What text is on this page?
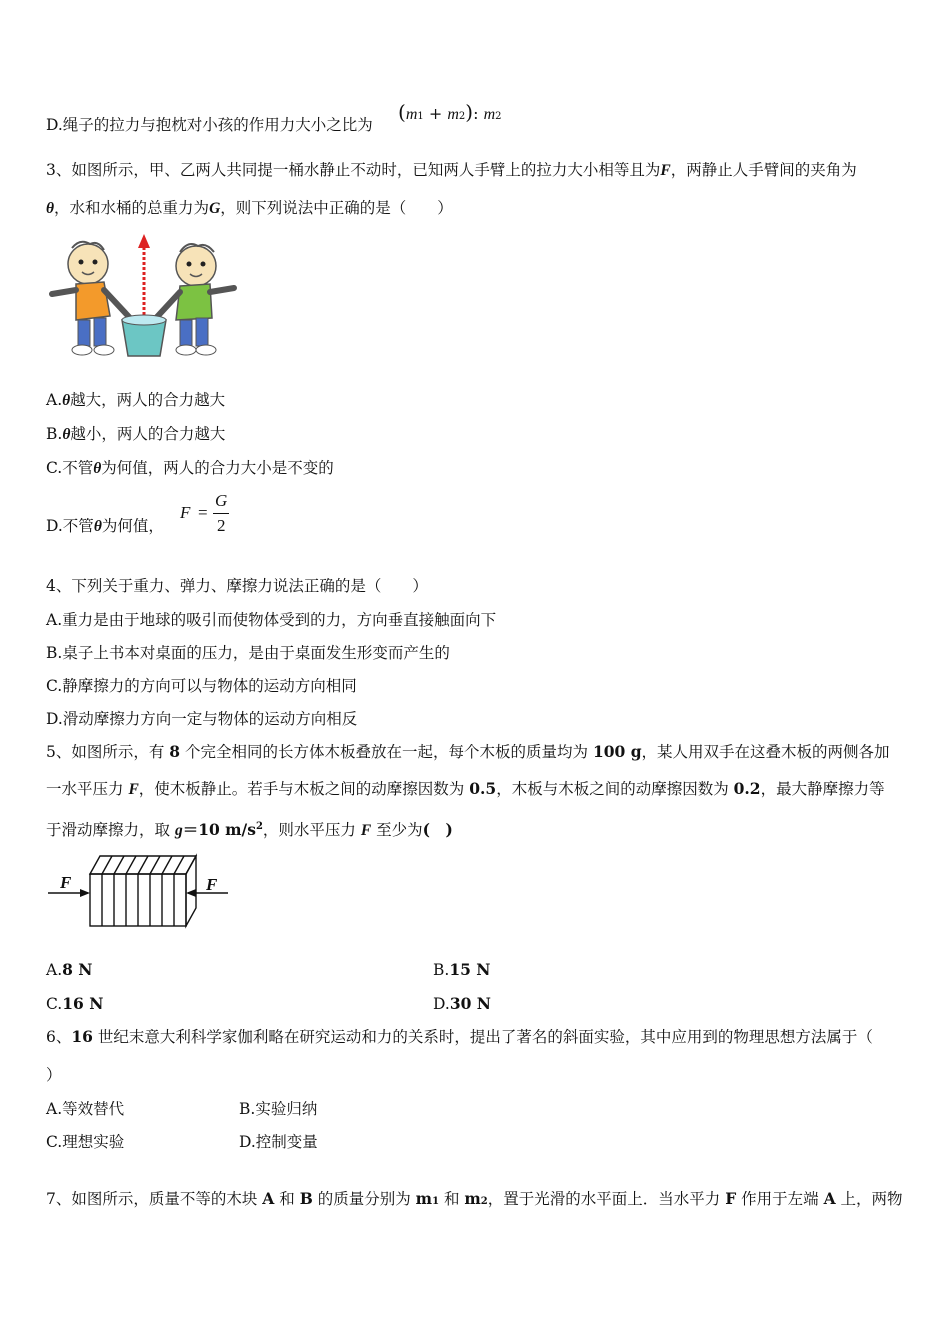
D.绳子的拉力与抱枕对小孩的作用力大小之比为
(m1 + m2): m2
3、如图所示，甲、乙两人共同提一桶水静止不动时，已知两人手臂上的拉力大小相等且为F，两静止人手臂间的夹角为
θ，水和水桶的总重力为G，则下列说法中正确的是（　　）
A.θ越大，两人的合力越大
B.θ越小，两人的合力越大
C.不管θ为何值，两人的合力大小是不变的
D.不管θ为何值，
F =
G
2
4、下列关于重力、弹力、摩擦力说法正确的是（　　）
A.重力是由于地球的吸引而使物体受到的力，方向垂直接触面向下
B.桌子上书本对桌面的压力，是由于桌面发生形变而产生的
C.静摩擦力的方向可以与物体的运动方向相同
D.滑动摩擦力方向一定与物体的运动方向相反
5、如图所示，有 8 个完全相同的长方体木板叠放在一起，每个木板的质量均为 100 g，某人用双手在这叠木板的两侧各加
一水平压力 F，使木板静止。若手与木板之间的动摩擦因数为 0.5，木板与木板之间的动摩擦因数为 0.2，最大静摩擦力等
于滑动摩擦力，取 g＝10 $m/s^2$，则水平压力 F 至少为(　)
F	F
A.8 N	B.15 N
C.16 N	D.30 N
6、16 世纪末意大利科学家伽利略在研究运动和力的关系时，提出了著名的斜面实验，其中应用到的物理思想方法属于（
）
A.等效替代	B.实验归纳
C.理想实验	D.控制变量
7、如图所示，质量不等的木块 A 和 B 的质量分别为 m1 和 m2，置于光滑的水平面上．当水平力 F 作用于左端 A 上，两物
